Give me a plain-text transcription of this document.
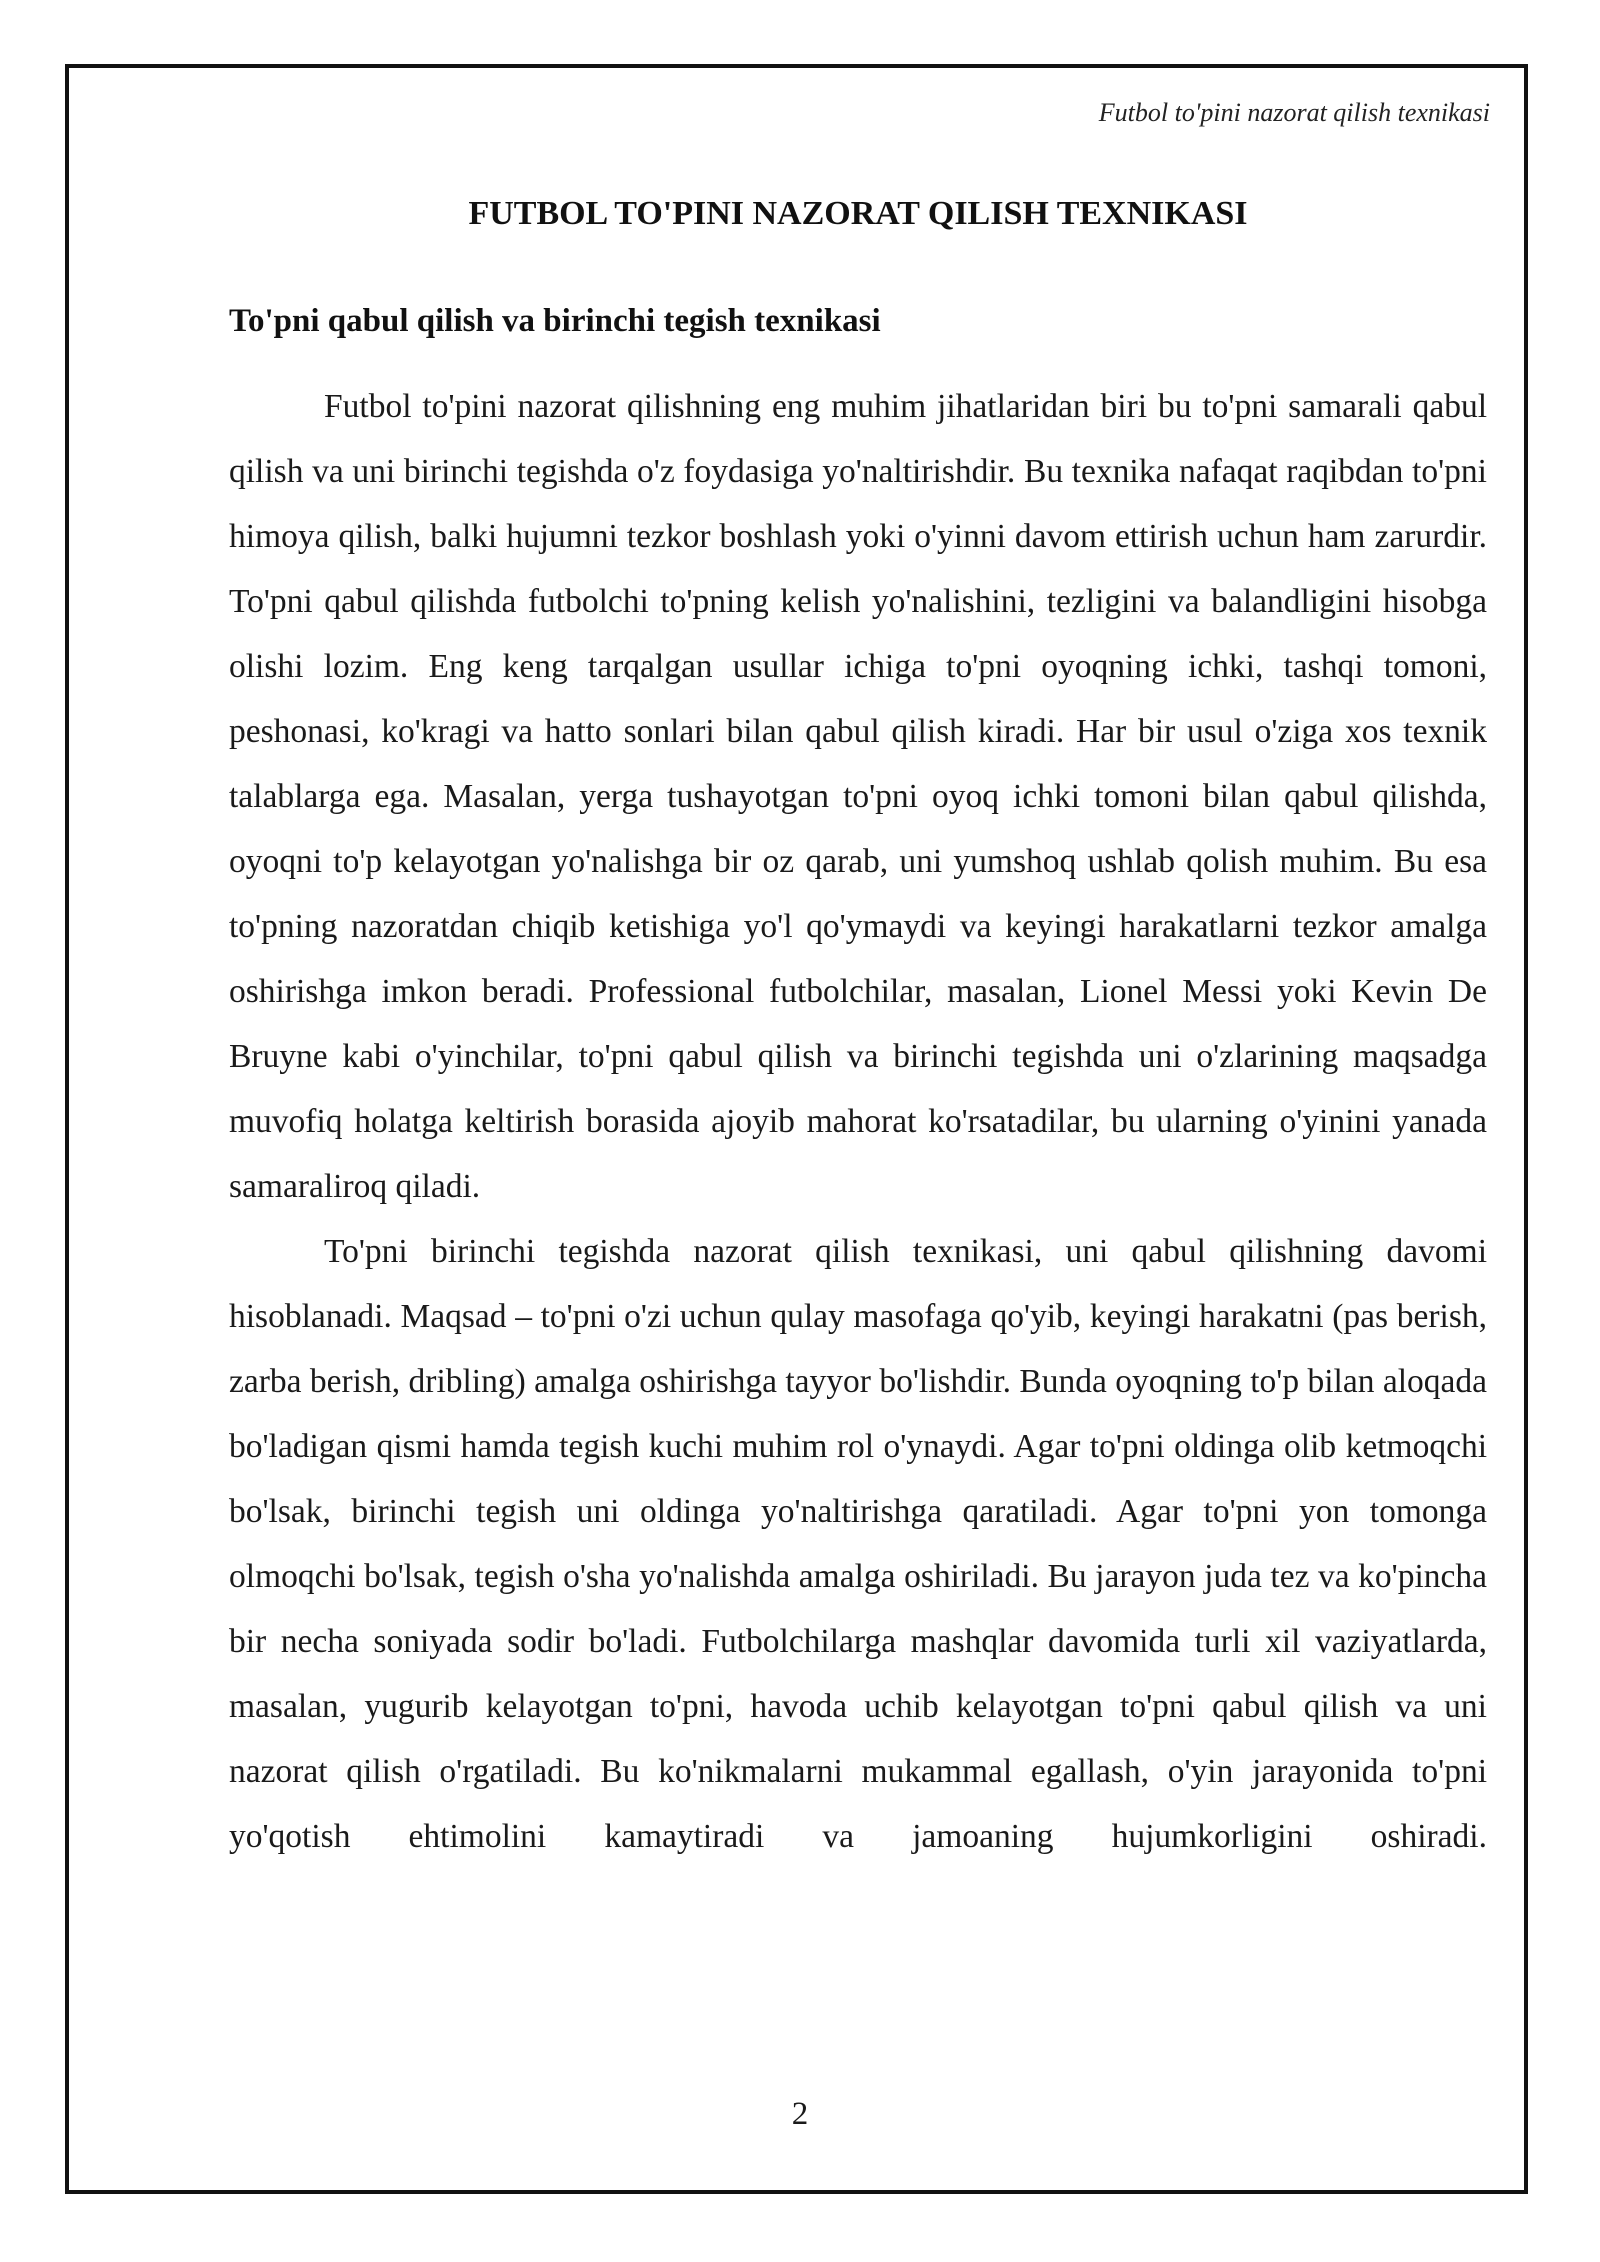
Futbol to'pini nazorat qilish texnikasi
FUTBOL TO'PINI NAZORAT QILISH TEXNIKASI
To'pni qabul qilish va birinchi tegish texnikasi

Futbol to'pini nazorat qilishning eng muhim jihatlaridan biri bu to'pni samarali qabul qilish va uni birinchi tegishda o'z foydasiga yo'naltirishdir. Bu texnika nafaqat raqibdan to'pni himoya qilish, balki hujumni tezkor boshlash yoki o'yinni davom ettirish uchun ham zarurdir. To'pni qabul qilishda futbolchi to'pning kelish yo'nalishini, tezligini va balandligini hisobga olishi lozim. Eng keng tarqalgan usullar ichiga to'pni oyoqning ichki, tashqi tomoni, peshonasi, ko'kragi va hatto sonlari bilan qabul qilish kiradi. Har bir usul o'ziga xos texnik talablarga ega. Masalan, yerga tushayotgan to'pni oyoq ichki tomoni bilan qabul qilishda, oyoqni to'p kelayotgan yo'nalishga bir oz qarab, uni yumshoq ushlab qolish muhim. Bu esa to'pning nazoratdan chiqib ketishiga yo'l qo'ymaydi va keyingi harakatlarni tezkor amalga oshirishga imkon beradi. Professional futbolchilar, masalan, Lionel Messi yoki Kevin De Bruyne kabi o'yinchilar, to'pni qabul qilish va birinchi tegishda uni o'zlarining maqsadga muvofiq holatga keltirish borasida ajoyib mahorat ko'rsatadilar, bu ularning o'yinini yanada samaraliroq qiladi.

To'pni birinchi tegishda nazorat qilish texnikasi, uni qabul qilishning davomi hisoblanadi. Maqsad – to'pni o'zi uchun qulay masofaga qo'yib, keyingi harakatni (pas berish, zarba berish, dribling) amalga oshirishga tayyor bo'lishdir. Bunda oyoqning to'p bilan aloqada bo'ladigan qismi hamda tegish kuchi muhim rol o'ynaydi. Agar to'pni oldinga olib ketmoqchi bo'lsak, birinchi tegish uni oldinga yo'naltirishga qaratiladi. Agar to'pni yon tomonga olmoqchi bo'lsak, tegish o'sha yo'nalishda amalga oshiriladi. Bu jarayon juda tez va ko'pincha bir necha soniyada sodir bo'ladi. Futbolchilarga mashqlar davomida turli xil vaziyatlarda, masalan, yugurib kelayotgan to'pni, havoda uchib kelayotgan to'pni qabul qilish va uni nazorat qilish o'rgatiladi. Bu ko'nikmalarni mukammal egallash, o'yin jarayonida to'pni yo'qotish ehtimolini kamaytiradi va jamoaning hujumkorligini oshiradi.

2
